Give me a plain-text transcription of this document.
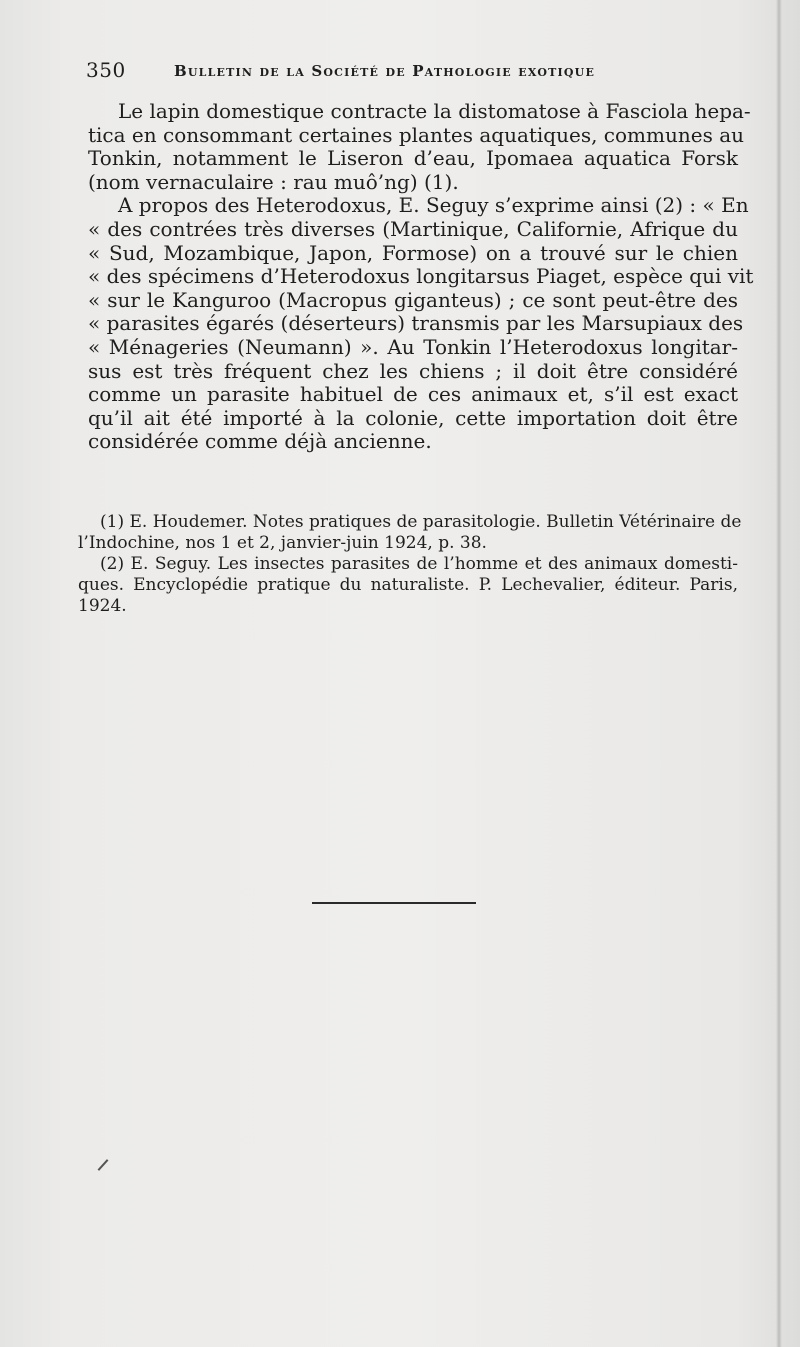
350	Bulletin de la Société de Pathologie exotique
Le lapin domestique contracte la distomatose à Fasciola hepa-
tica en consommant certaines plantes aquatiques, communes au
Tonkin, notamment le Liseron d’eau, Ipomaea aquatica Forsk
(nom vernaculaire : rau muô’ng) (1).
A propos des Heterodoxus, E. Seguy s’exprime ainsi (2) : « En
« des contrées très diverses (Martinique, Californie, Afrique du
« Sud, Mozambique, Japon, Formose) on a trouvé sur le chien
« des spécimens d’Heterodoxus longitarsus Piaget, espèce qui vit
« sur le Kanguroo (Macropus giganteus) ; ce sont peut-être des
« parasites égarés (déserteurs) transmis par les Marsupiaux des
« Ménageries (Neumann) ». Au Tonkin l’Heterodoxus longitar-
sus est très fréquent chez les chiens ; il doit être considéré
comme un parasite habituel de ces animaux et, s’il est exact
qu’il ait été importé à la colonie, cette importation doit être
considérée comme déjà ancienne.
(1) E. Houdemer. Notes pratiques de parasitologie. Bulletin Vétérinaire de
l’Indochine, nos 1 et 2, janvier-juin 1924, p. 38.
(2) E. Seguy. Les insectes parasites de l’homme et des animaux domesti-
ques. Encyclopédie pratique du naturaliste. P. Lechevalier, éditeur. Paris,
1924.
